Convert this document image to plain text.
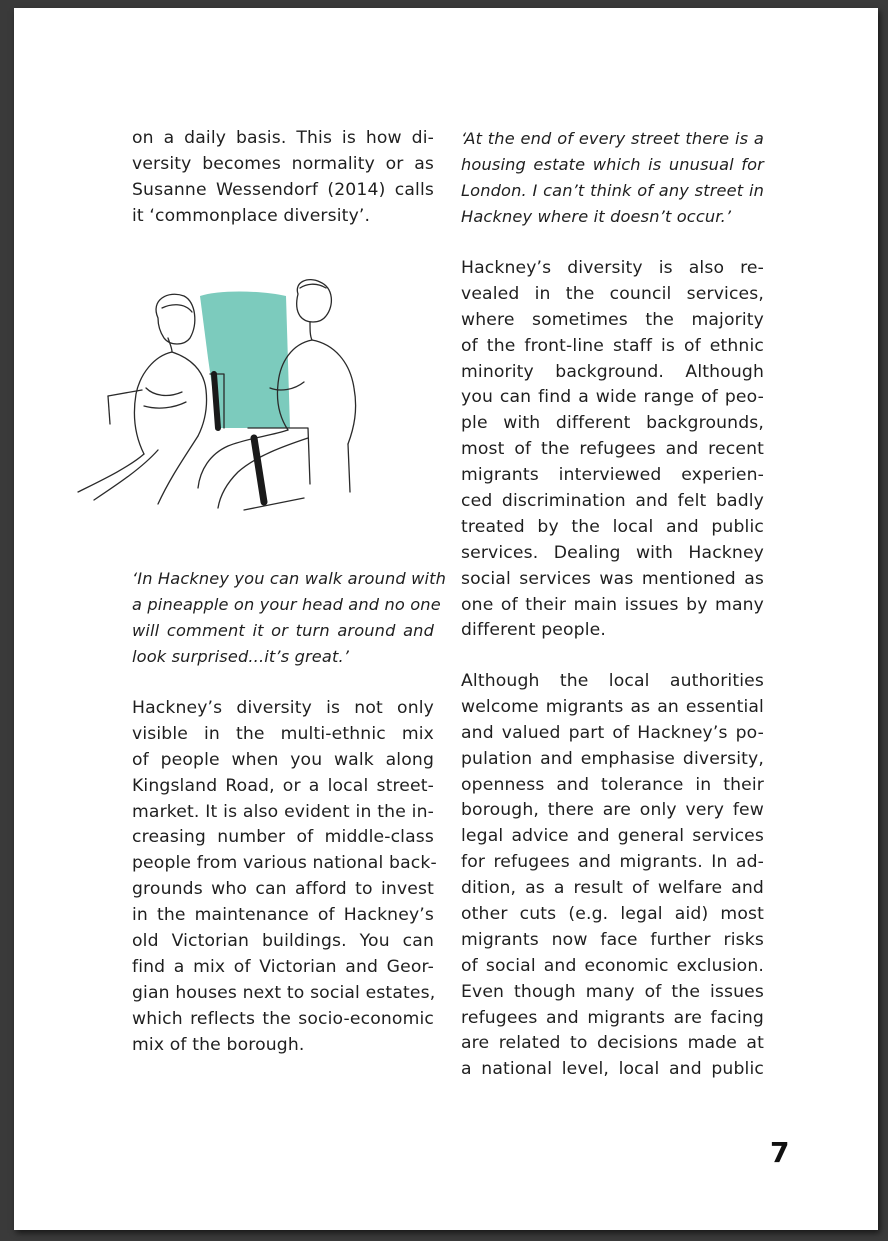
on a daily basis. This is how di-
versity becomes normality or as
Susanne Wessendorf (2014) calls
it ‘commonplace diversity’.
‘In Hackney you can walk around with
a pineapple on your head and no one
will comment it or turn around and
look surprised...it’s great.’
Hackney’s diversity is not only
visible in the multi-ethnic mix
of people when you walk along
Kingsland Road, or a local street-
market. It is also evident in the in-
creasing number of middle-class
people from various national back-
grounds who can afford to invest
in the maintenance of Hackney’s
old Victorian buildings. You can
find a mix of Victorian and Geor-
gian houses next to social estates,
which reflects the socio-economic
mix of the borough.
‘At the end of every street there is a
housing estate which is unusual for
London. I can’t think of any street in
Hackney where it doesn’t occur.’
Hackney’s diversity is also re-
vealed in the council services,
where sometimes the majority
of the front-line staff is of ethnic
minority background. Although
you can find a wide range of peo-
ple with different backgrounds,
most of the refugees and recent
migrants interviewed experien-
ced discrimination and felt badly
treated by the local and public
services. Dealing with Hackney
social services was mentioned as
one of their main issues by many
different people.
Although the local authorities
welcome migrants as an essential
and valued part of Hackney’s po-
pulation and emphasise diversity,
openness and tolerance in their
borough, there are only very few
legal advice and general services
for refugees and migrants. In ad-
dition, as a result of welfare and
other cuts (e.g. legal aid) most
migrants now face further risks
of social and economic exclusion.
Even though many of the issues
refugees and migrants are facing
are related to decisions made at
a national level, local and public
7
